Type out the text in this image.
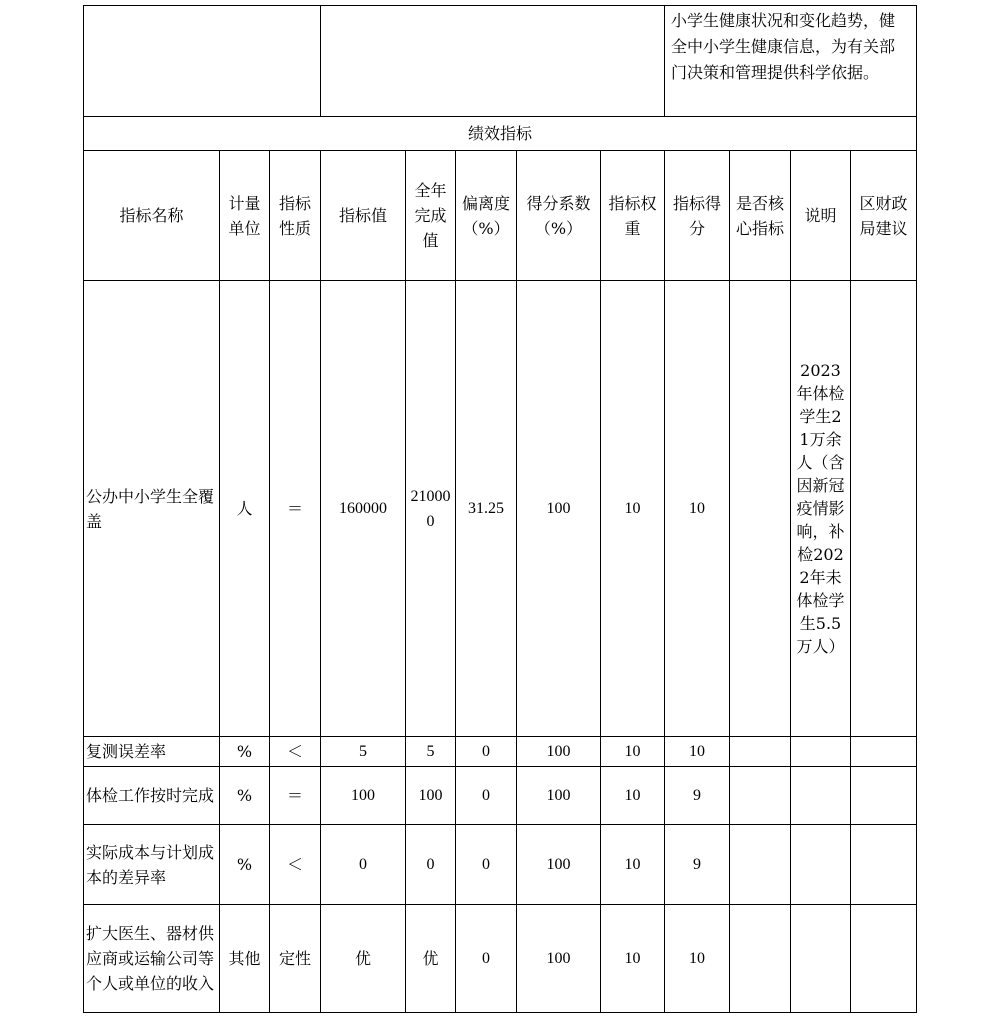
								小学生健康状况和变化趋势，健全中小学生健康信息，为有关部门决策和管理提供科学依据。			
绩效指标											
指标名称	计量单位	指标性质	指标值	全年完成值	偏离度（%）	得分系数（%）	指标权重	指标得分	是否核心指标	说明	区财政局建议
公办中小学生全覆盖	人	＝	160000	210000	31.25	100	10	10		2023年体检学生21万余人（含因新冠疫情影响，补检2022年未体检学生5.5万人）	
复测误差率	%	＜	5	5	0	100	10	10			
体检工作按时完成	%	＝	100	100	0	100	10	9			
实际成本与计划成本的差异率	%	＜	0	0	0	100	10	9			
扩大医生、器材供应商或运输公司等个人或单位的收入	其他	定性	优	优	0	100	10	10			
